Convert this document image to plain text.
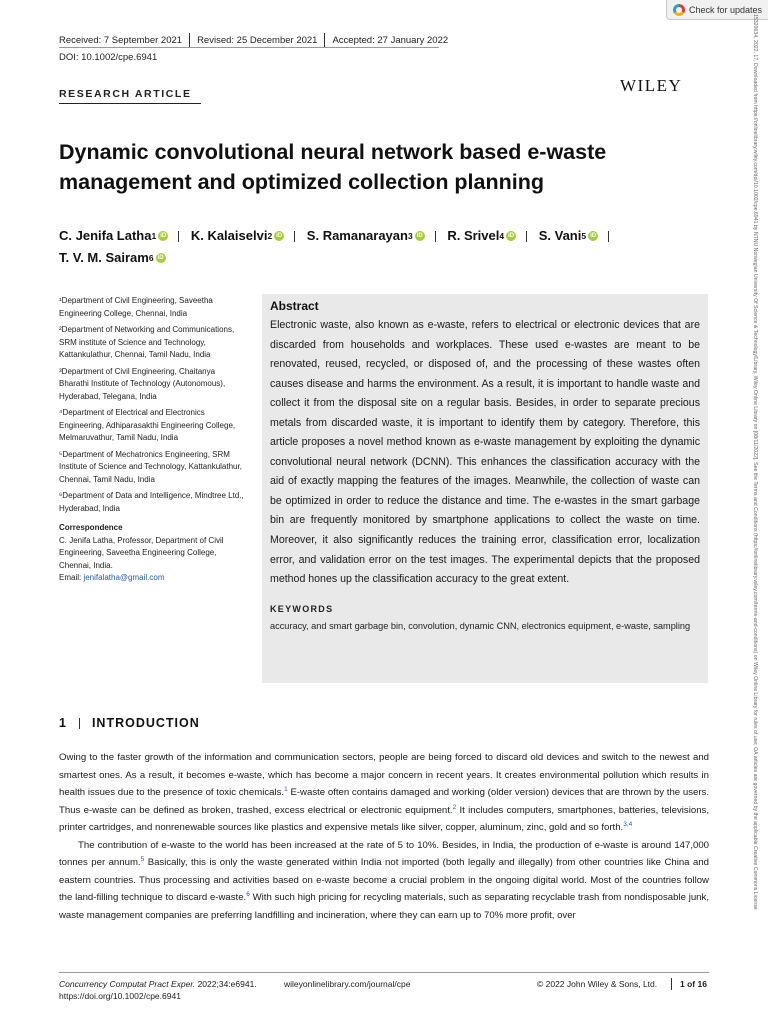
Check for updates
Received: 7 September 2021 Revised: 25 December 2021 Accepted: 27 January 2022
DOI: 10.1002/cpe.6941
RESEARCH ARTICLE	WILEY	15320634, 2022, 17, Downloaded from https://onlinelibrary.wiley.com/doi/10.1002/cpe.6941 by NTNU Norwegian University Of Science & Technology/Library, Wiley Online Library on [08/11/2022]. See the Terms and Conditions (https://onlinelibrary.wiley.com/terms-and-conditions) on Wiley Online Library for rules of use; OA articles are governed by the applicable Creative Commons License
Dynamic convolutional neural network based e-waste management and optimized collection planning
C. Jenifa Latha 1 iD
K. Kalaiselvi 2 iD
S. Ramanarayan 3 iD
R. Srivel 4 iD
S. Vani 5 iD

T. V. M. Sairam 6 iD
¹Department of Civil Engineering, Saveetha Engineering College, Chennai, India
²Department of Networking and Communications, SRM institute of Science and Technology, Kattankulathur, Chennai, Tamil Nadu, India
³Department of Civil Engineering, Chaitanya Bharathi Institute of Technology (Autonomous), Hyderabad, Telegana, India
⁴Department of Electrical and Electronics Engineering, Adhiparasakthi Engineering College, Melmaruvathur, Tamil Nadu, India
⁵Department of Mechatronics Engineering, SRM Institute of Science and Technology, Kattankulathur, Chennai, Tamil Nadu, India
⁶Department of Data and Intelligence, Mindtree Ltd., Hyderabad, India
Correspondence
C. Jenifa Latha, Professor, Department of Civil Engineering, Saveetha Engineering College, Chennai, India.
Email: jenifalatha@gmail.com
Abstract
Electronic waste, also known as e-waste, refers to electrical or electronic devices that are discarded from households and workplaces. These used e-wastes are meant to be renovated, reused, recycled, or disposed of, and the processing of these wastes often causes disease and harms the environment. As a result, it is important to handle waste and collect it from the disposal site on a regular basis. Besides, in order to separate precious metals from discarded waste, it is important to identify them by category. Therefore, this article proposes a novel method known as e-waste management by exploiting the dynamic convolutional neural network (DCNN). This enhances the classification accuracy with the aid of exactly mapping the features of the images. Meanwhile, the collection of waste can be optimized in order to reduce the distance and time. The e-wastes in the smart garbage bin are frequently monitored by smartphone applications to collect the waste on time. Moreover, it also significantly reduces the training error, classification error, localization error, and validation error on the test images. The experimental depicts that the proposed method hones up the classification accuracy to the great extent.
KEYWORDS
accuracy, and smart garbage bin, convolution, dynamic CNN, electronics equipment, e-waste, sampling
1 INTRODUCTION

Owing to the faster growth of the information and communication sectors, people are being forced to discard old devices and switch to the newest and smartest ones. As a result, it becomes e-waste, which has become a major concern in recent years. It creates environmental pollution which results in health issues due to the presence of toxic chemicals.$^1$ E-waste often contains damaged and working (older version) devices that are thrown by the users. Thus e-waste can be defined as broken, trashed, excess electrical or electronic equipment.$^2$ It includes computers, smartphones, batteries, televisions, printer cartridges, and nonrenewable sources like plastics and expensive metals like silver, copper, aluminum, zinc, gold and so forth.$^{3,4}$

The contribution of e-waste to the world has been increased at the rate of 5 to 10%. Besides, in India, the production of e-waste is around 147,000 tonnes per annum.$^5$ Basically, this is only the waste generated within India not imported (both legally and illegally) from other countries like China and eastern countries. Thus processing and activities based on e-waste become a crucial problem in the ongoing digital world. Most of the countries follow the land-filling technique to discard e-waste.$^6$ With such high pricing for recycling materials, such as separating recyclable trash from nondisposable junk, waste management companies are preferring landfilling and incineration, where they can earn up to 70% more profit, over

Concurrency Computat Pract Exper. 2022;34:e6941.
https://doi.org/10.1002/cpe.6941
wileyonlinelibrary.com/journal/cpe	© 2022 John Wiley & Sons, Ltd.	1 of 16
